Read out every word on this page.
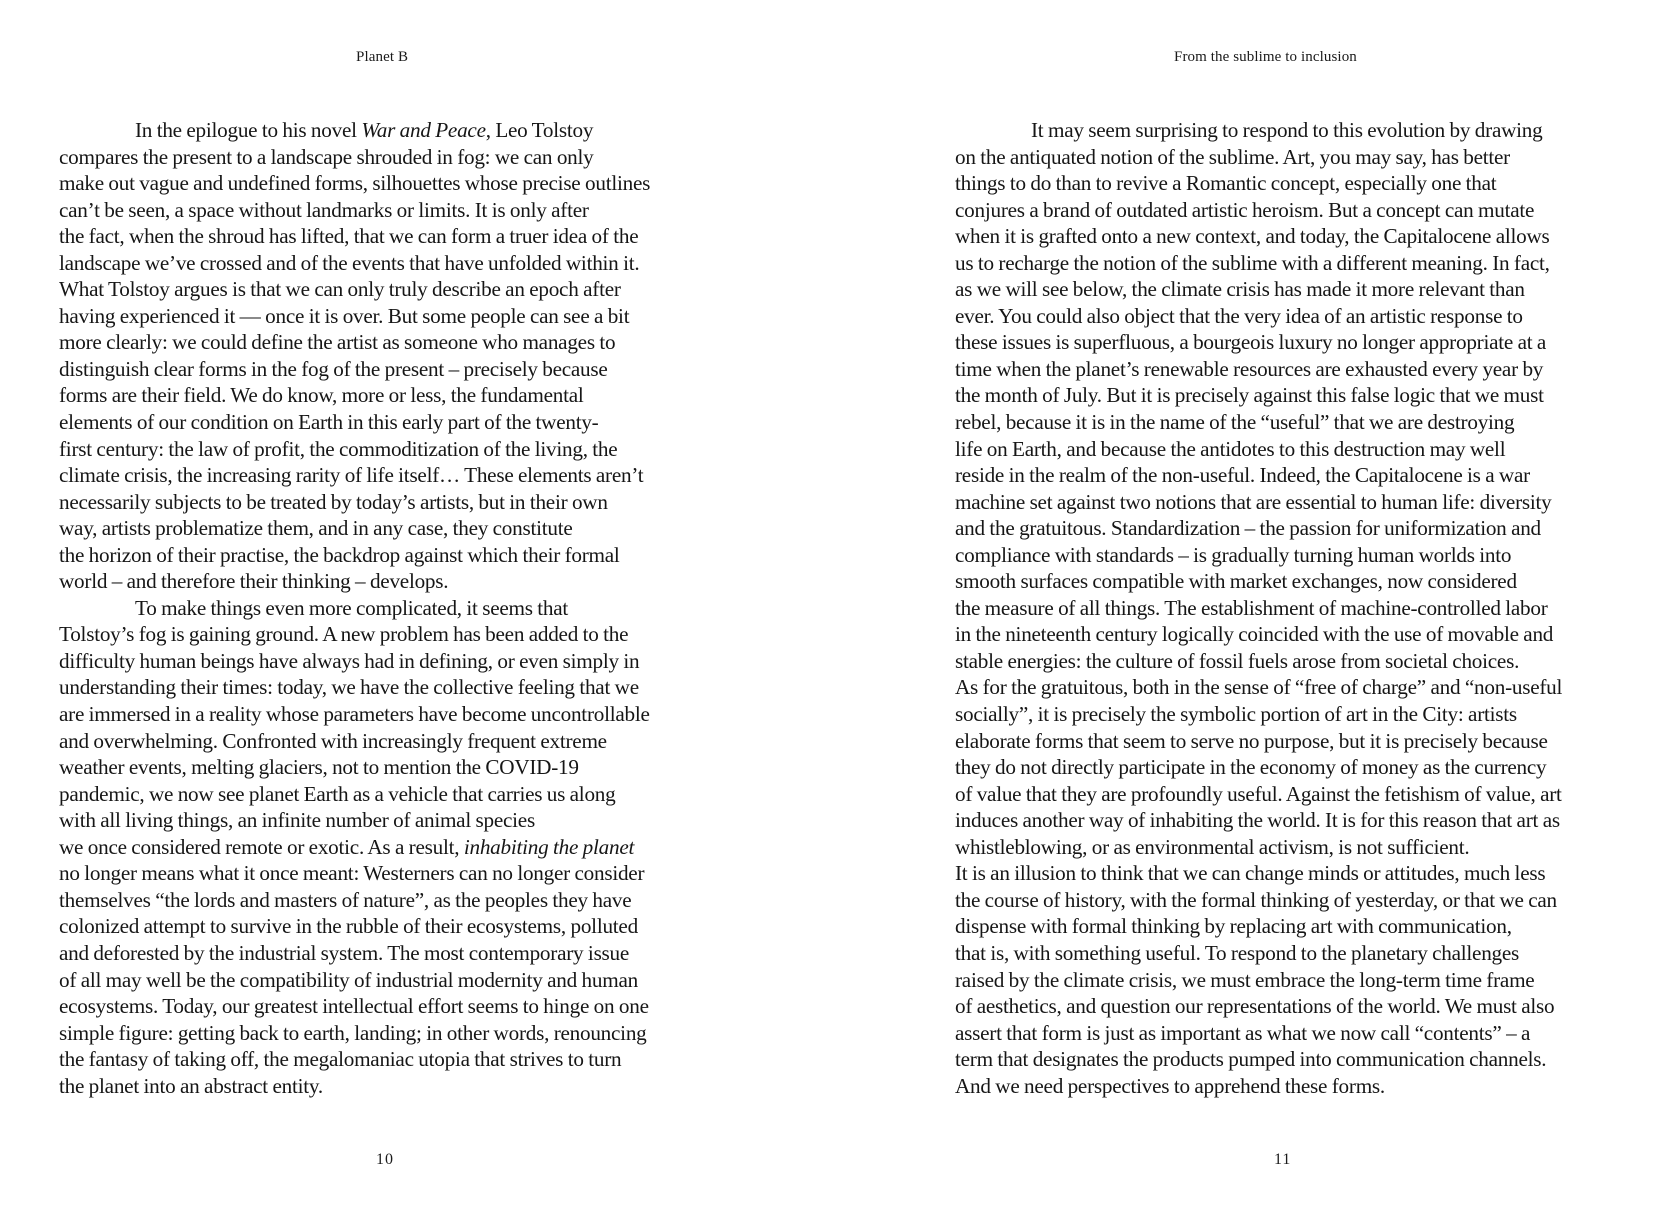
Planet B
In the epilogue to his novel War and Peace, Leo Tolstoy
compares the present to a landscape shrouded in fog: we can only
make out vague and undefined forms, silhouettes whose precise outlines
can’t be seen, a space without landmarks or limits. It is only after
the fact, when the shroud has lifted, that we can form a truer idea of the
landscape we’ve crossed and of the events that have unfolded within it.
What Tolstoy argues is that we can only truly describe an epoch after
having experienced it — once it is over. But some people can see a bit
more clearly: we could define the artist as someone who manages to
distinguish clear forms in the fog of the present – precisely because
forms are their field. We do know, more or less, the fundamental
elements of our condition on Earth in this early part of the twenty-
first century: the law of profit, the commoditization of the living, the
climate crisis, the increasing rarity of life itself… These elements aren’t
necessarily subjects to be treated by today’s artists, but in their own
way, artists problematize them, and in any case, they constitute
the horizon of their practise, the backdrop against which their formal
world – and therefore their thinking – develops.
To make things even more complicated, it seems that
Tolstoy’s fog is gaining ground. A new problem has been added to the
difficulty human beings have always had in defining, or even simply in
understanding their times: today, we have the collective feeling that we
are immersed in a reality whose parameters have become uncontrollable
and overwhelming. Confronted with increasingly frequent extreme
weather events, melting glaciers, not to mention the COVID-19
pandemic, we now see planet Earth as a vehicle that carries us along
with all living things, an infinite number of animal species
we once considered remote or exotic. As a result, inhabiting the planet
no longer means what it once meant: Westerners can no longer consider
themselves “the lords and masters of nature”, as the peoples they have
colonized attempt to survive in the rubble of their ecosystems, polluted
and deforested by the industrial system. The most contemporary issue
of all may well be the compatibility of industrial modernity and human
ecosystems. Today, our greatest intellectual effort seems to hinge on one
simple figure: getting back to earth, landing; in other words, renouncing
the fantasy of taking off, the megalomaniac utopia that strives to turn
the planet into an abstract entity.
10
From the sublime to inclusion
It may seem surprising to respond to this evolution by drawing
on the antiquated notion of the sublime. Art, you may say, has better
things to do than to revive a Romantic concept, especially one that
conjures a brand of outdated artistic heroism. But a concept can mutate
when it is grafted onto a new context, and today, the Capitalocene allows
us to recharge the notion of the sublime with a different meaning. In fact,
as we will see below, the climate crisis has made it more relevant than
ever. You could also object that the very idea of an artistic response to
these issues is superfluous, a bourgeois luxury no longer appropriate at a
time when the planet’s renewable resources are exhausted every year by
the month of July. But it is precisely against this false logic that we must
rebel, because it is in the name of the “useful” that we are destroying
life on Earth, and because the antidotes to this destruction may well
reside in the realm of the non-useful. Indeed, the Capitalocene is a war
machine set against two notions that are essential to human life: diversity
and the gratuitous. Standardization – the passion for uniformization and
compliance with standards – is gradually turning human worlds into
smooth surfaces compatible with market exchanges, now considered
the measure of all things. The establishment of machine-controlled labor
in the nineteenth century logically coincided with the use of movable and
stable energies: the culture of fossil fuels arose from societal choices.
As for the gratuitous, both in the sense of “free of charge” and “non-useful
socially”, it is precisely the symbolic portion of art in the City: artists
elaborate forms that seem to serve no purpose, but it is precisely because
they do not directly participate in the economy of money as the currency
of value that they are profoundly useful. Against the fetishism of value, art
induces another way of inhabiting the world. It is for this reason that art as
whistleblowing, or as environmental activism, is not sufficient.
It is an illusion to think that we can change minds or attitudes, much less
the course of history, with the formal thinking of yesterday, or that we can
dispense with formal thinking by replacing art with communication,
that is, with something useful. To respond to the planetary challenges
raised by the climate crisis, we must embrace the long-term time frame
of aesthetics, and question our representations of the world. We must also
assert that form is just as important as what we now call “contents” – a
term that designates the products pumped into communication channels.
And we need perspectives to apprehend these forms.
11
